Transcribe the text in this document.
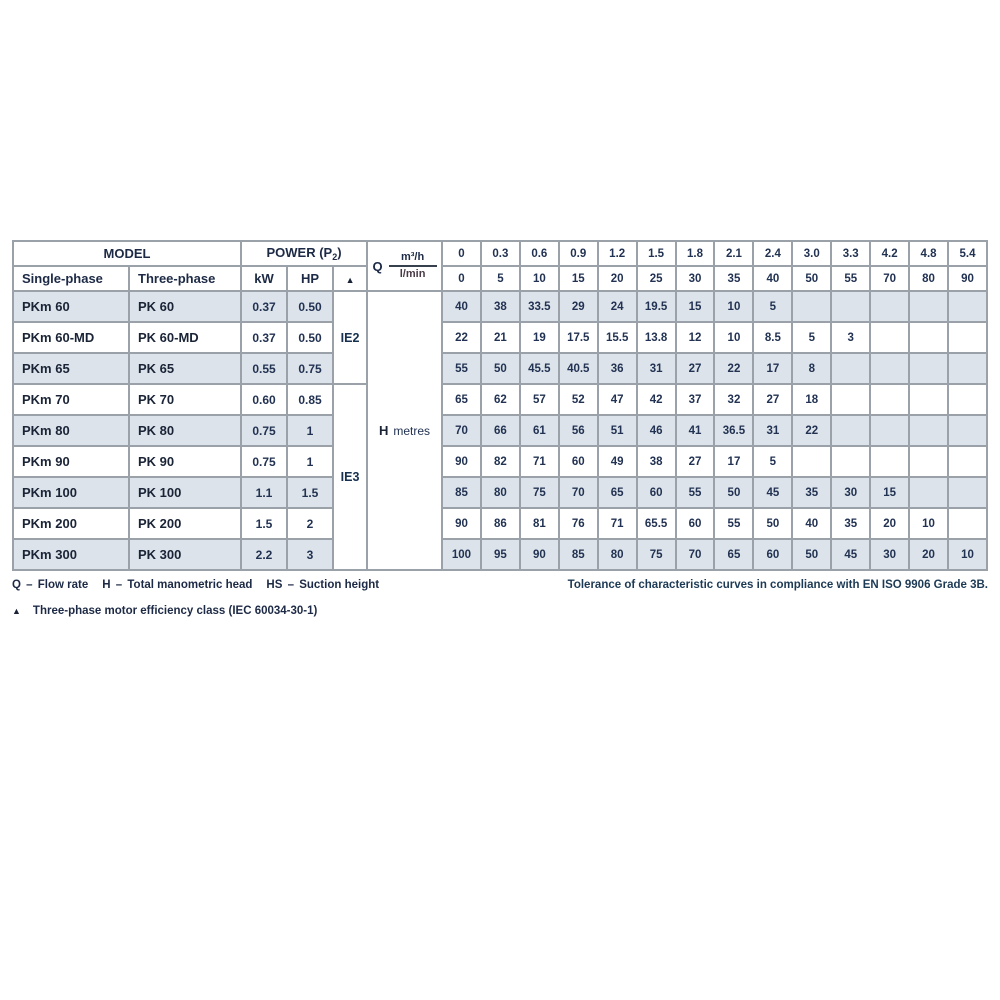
MODEL		POWER $(P_2)$			Q $\frac{\text{m³/h}}{l/\min}$	0	0.3	0.6	0.9	1.2	1.5	1.8	2.1	2.4	3.0	3.3	4.2	4.8	5.4
Single-phase	Three-phase	kW	HP	▲		0	5	10	15	20	25	30	35	40	50	55	70	80	90
PKm 60	PK 60	0.37	0.50	IE2	H metres	40	38	33.5	29	24	19.5	15	10	5					
PKm 60-MD	PK 60-MD	0.37	0.50			22	21	19	17.5	15.5	13.8	12	10	8.5	5	3			
PKm 65	PK 65	0.55	0.75			55	50	45.5	40.5	36	31	27	22	17	8				
PKm 70	PK 70	0.60	0.85	IE3		65	62	57	52	47	42	37	32	27	18				
PKm 80	PK 80	0.75	1			70	66	61	56	51	46	41	36.5	31	22				
PKm 90	PK 90	0.75	1			90	82	71	60	49	38	27	17	5					
PKm 100	PK 100	1.1	1.5			85	80	75	70	65	60	55	50	45	35	30	15		
PKm 200	PK 200	1.5	2			90	86	81	76	71	65.5	60	55	50	40	35	20	10	
PKm 300	PK 300	2.2	3			100	95	90	85	80	75	70	65	60	50	45	30	20	10
Q – Flow rate H – Total manometric head HS – Suction height	Tolerance of characteristic curves in compliance with EN ISO 9906 Grade 3B.
▲ Three-phase motor efficiency class (IEC 60034-30-1)
